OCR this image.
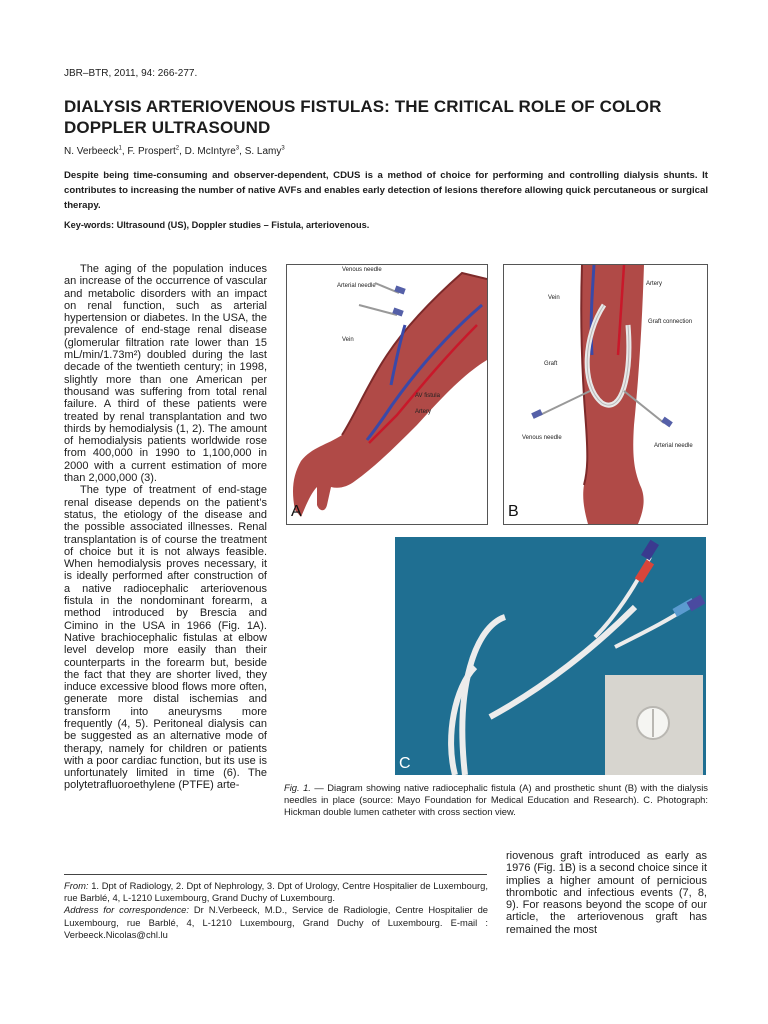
JBR–BTR, 2011, 94: 266-277.
DIALYSIS ARTERIOVENOUS FISTULAS: THE CRITICAL ROLE OF COLOR DOPPLER ULTRASOUND
N. Verbeeck$^1$, F. Prospert$^2$, D. McIntyre$^3$, S. Lamy$^3$
Despite being time-consuming and observer-dependent, CDUS is a method of choice for performing and controlling dialysis shunts. It contributes to increasing the number of native AVFs and enables early detection of lesions therefore allowing quick percutaneous or surgical therapy.
Key-words: Ultrasound (US), Doppler studies – Fistula, arteriovenous.

The aging of the population induces an increase of the occurrence of vascular and metabolic disorders with an impact on renal function, such as arterial hypertension or diabetes. In the USA, the prevalence of end-stage renal disease (glomerular filtration rate lower than 15 mL/min/1.73m²) doubled during the last decade of the twentieth century; in 1998, slightly more than one American per thousand was suffering from total renal failure. A third of these patients were treated by renal transplantation and two thirds by hemodialysis (1, 2). The amount of hemodialysis patients worldwide rose from 400,000 in 1990 to 1,100,000 in 2000 with a current estimation of more than 2,000,000 (3).

The type of treatment of end-stage renal disease depends on the patient’s status, the etiology of the disease and the possible associated illnesses. Renal transplantation is of course the treatment of choice but it is not always feasible. When hemodialysis proves necessary, it is ideally performed after construction of a native radiocephalic arteriovenous fistula in the nondominant forearm, a method introduced by Brescia and Cimino in the USA in 1966 (Fig. 1A). Native brachiocephalic fistulas at elbow level develop more easily than their counterparts in the forearm but, beside the fact that they are shorter lived, they induce excessive blood flows more often, generate more distal ischemias and transform into aneurysms more frequently (4, 5). Peritoneal dialysis can be suggested as an alternative mode of therapy, namely for children or patients with a poor cardiac function, but its use is unfortunately limited in time (6). The polytetrafluoroethylene (PTFE) arte-

Venous needle
Arterial needle
Vein
AV fistula
Artery
A
Artery
Vein
Graft connection
Graft
Venous needle
Arterial needle
B
C
Fig. 1. — Diagram showing native radiocephalic fistula (A) and prosthetic shunt (B) with the dialysis needles in place (source: Mayo Foundation for Medical Education and Research). C. Photograph: Hickman double lumen catheter with cross section view.

riovenous graft introduced as early as 1976 (Fig. 1B) is a second choice since it implies a higher amount of pernicious thrombotic and infectious events (7, 8, 9). For reasons beyond the scope of our article, the arteriovenous graft has remained the most

From: 1. Dpt of Radiology, 2. Dpt of Nephrology, 3. Dpt of Urology, Centre Hospitalier de Luxembourg, rue Barblé, 4, L-1210 Luxembourg, Grand Duchy of Luxembourg.
Address for correspondence: Dr N.Verbeeck, M.D., Service de Radiologie, Centre Hospitalier de Luxembourg, rue Barblé, 4, L-1210 Luxembourg, Grand Duchy of Luxembourg. E-mail : Verbeeck.Nicolas@chl.lu
